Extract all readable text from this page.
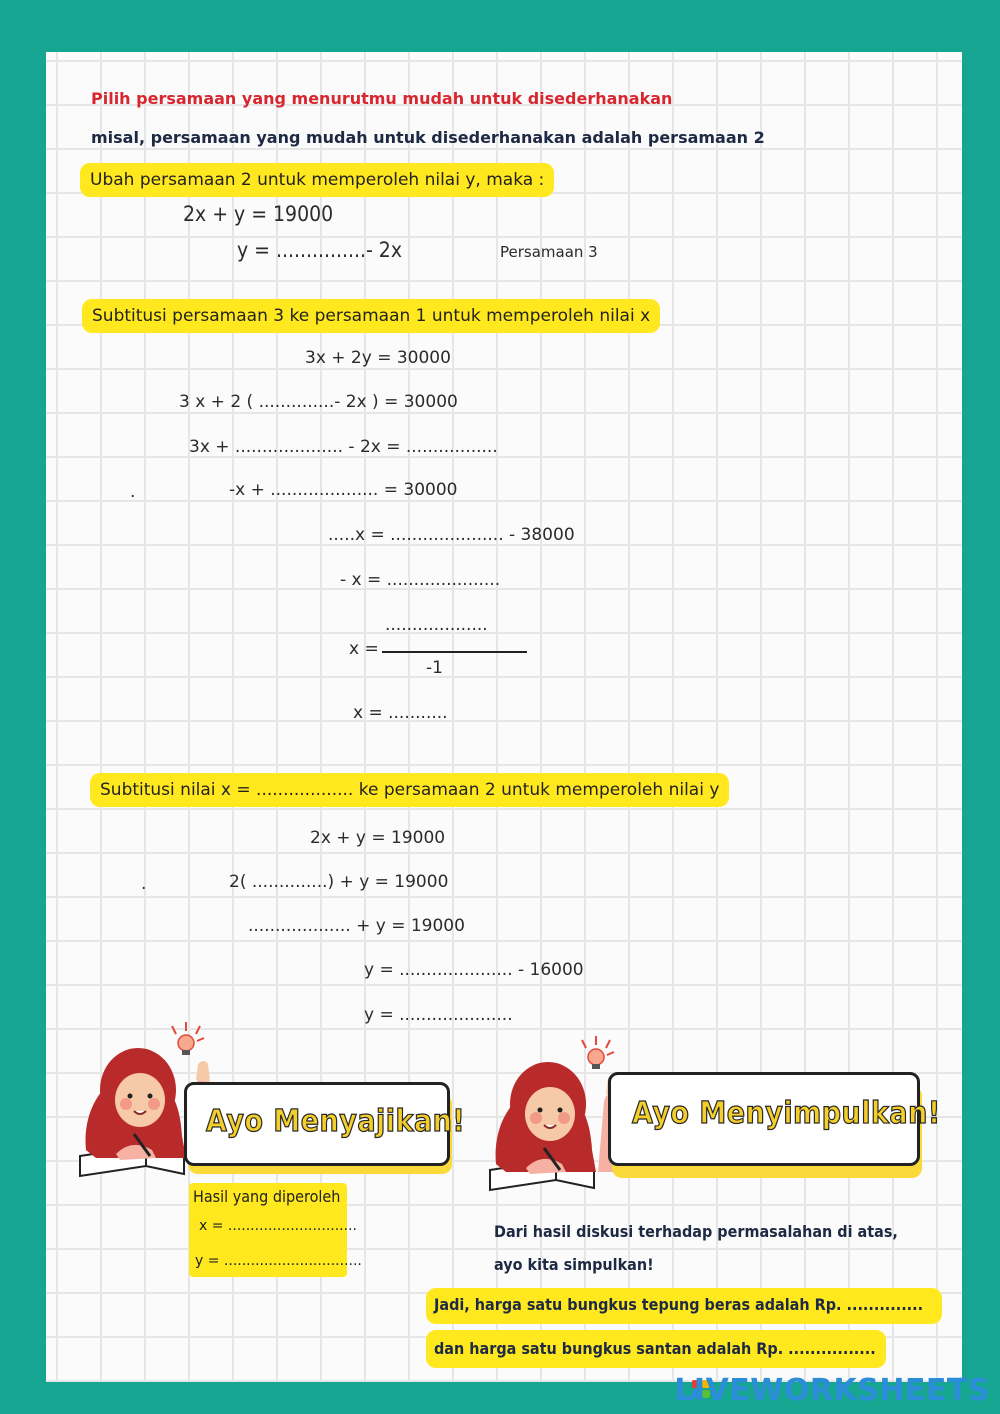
Pilih persamaan yang menurutmu mudah untuk disederhanakan
misal, persamaan yang mudah untuk disederhanakan adalah persamaan 2
Ubah persamaan 2 untuk memperoleh nilai y, maka :
2x + y = 19000
y = ...............- 2x	Persamaan 3
Subtitusi persamaan 3 ke persamaan 1 untuk memperoleh nilai x
3x + 2y = 30000
3 x + 2 ( ..............- 2x ) = 30000
3x + .................... - 2x = .................
.	-x + .................... = 30000
.....x = ..................... - 38000
- x = .....................
...................
x =
-1
x = ...........
Subtitusi nilai x = .................. ke persamaan 2 untuk memperoleh nilai y
2x + y = 19000
.	2( ..............) + y = 19000
................... + y = 19000
y = ..................... - 16000
y = .....................
Ayo Menyajikan!
Hasil yang diperoleh
x = .............................
y = ...............................
Ayo Menyimpulkan!
Dari hasil diskusi terhadap permasalahan di atas,
ayo kita simpulkan!
Jadi, harga satu bungkus tepung beras adalah Rp. ..............
dan harga satu bungkus santan adalah Rp. ................
LIVEWORKSHEETS
